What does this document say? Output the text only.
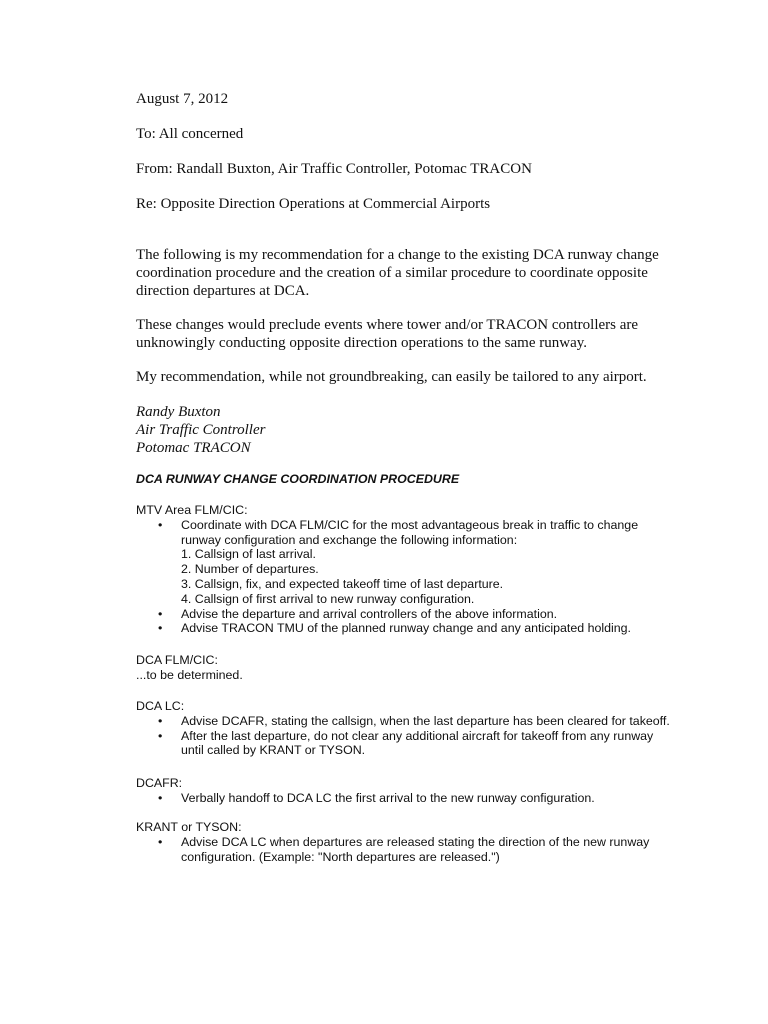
August 7, 2012

To: All concerned

From: Randall Buxton, Air Traffic Controller, Potomac TRACON

Re: Opposite Direction Operations at Commercial Airports

The following is my recommendation for a change to the existing DCA runway change coordination procedure and the creation of a similar procedure to coordinate opposite direction departures at DCA.

These changes would preclude events where tower and/or TRACON controllers are unknowingly conducting opposite direction operations to the same runway.

My recommendation, while not groundbreaking, can easily be tailored to any airport.

Randy Buxton
Air Traffic Controller
Potomac TRACON

DCA RUNWAY CHANGE COORDINATION PROCEDURE

MTV Area FLM/CIC:

• Coordinate with DCA FLM/CIC for the most advantageous break in traffic to change
runway configuration and exchange the following information:
1. Callsign of last arrival.
2. Number of departures.
3. Callsign, fix, and expected takeoff time of last departure.
4. Callsign of first arrival to new runway configuration.
• Advise the departure and arrival controllers of the above information.
• Advise TRACON TMU of the planned runway change and any anticipated holding.

DCA FLM/CIC:

...to be determined.

DCA LC:

• Advise DCAFR, stating the callsign, when the last departure has been cleared for takeoff.
• After the last departure, do not clear any additional aircraft for takeoff from any runway
until called by KRANT or TYSON.

DCAFR:

• Verbally handoff to DCA LC the first arrival to the new runway configuration.

KRANT or TYSON:

• Advise DCA LC when departures are released stating the direction of the new runway
configuration. (Example: "North departures are released.")
